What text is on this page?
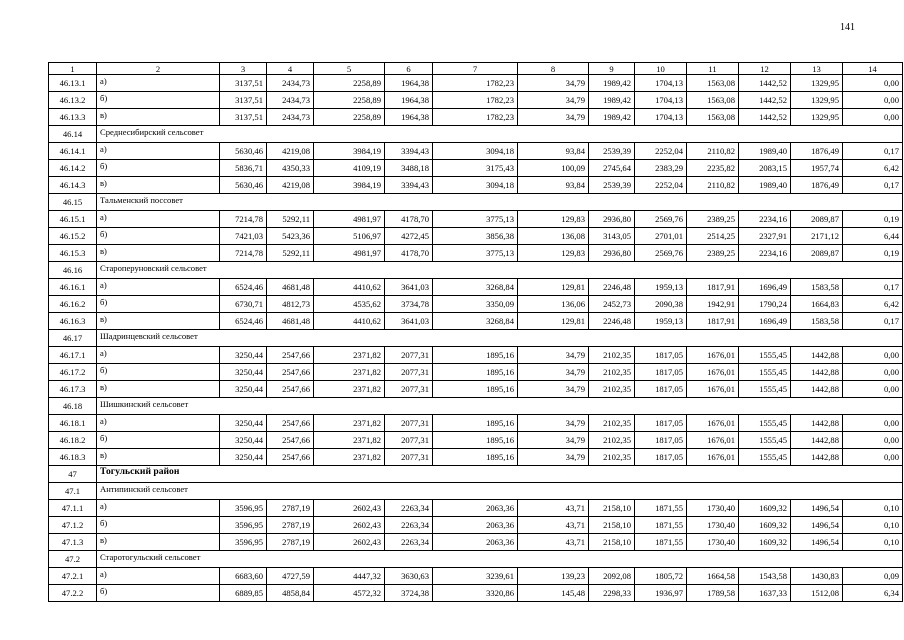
141
1	2	3	4	5	6	7	8	9	10	11	12	13	14
46.13.1	а)	3137,51	2434,73	2258,89	1964,38	1782,23	34,79	1989,42	1704,13	1563,08	1442,52	1329,95	0,00
46.13.2	б)	3137,51	2434,73	2258,89	1964,38	1782,23	34,79	1989,42	1704,13	1563,08	1442,52	1329,95	0,00
46.13.3	в)	3137,51	2434,73	2258,89	1964,38	1782,23	34,79	1989,42	1704,13	1563,08	1442,52	1329,95	0,00
46.14	Среднесибирский сельсовет												
46.14.1	а)	5630,46	4219,08	3984,19	3394,43	3094,18	93,84	2539,39	2252,04	2110,82	1989,40	1876,49	0,17
46.14.2	б)	5836,71	4350,33	4109,19	3488,18	3175,43	100,09	2745,64	2383,29	2235,82	2083,15	1957,74	6,42
46.14.3	в)	5630,46	4219,08	3984,19	3394,43	3094,18	93,84	2539,39	2252,04	2110,82	1989,40	1876,49	0,17
46.15	Тальменский поссовет												
46.15.1	а)	7214,78	5292,11	4981,97	4178,70	3775,13	129,83	2936,80	2569,76	2389,25	2234,16	2089,87	0,19
46.15.2	б)	7421,03	5423,36	5106,97	4272,45	3856,38	136,08	3143,05	2701,01	2514,25	2327,91	2171,12	6,44
46.15.3	в)	7214,78	5292,11	4981,97	4178,70	3775,13	129,83	2936,80	2569,76	2389,25	2234,16	2089,87	0,19
46.16	Староперуновский сельсовет												
46.16.1	а)	6524,46	4681,48	4410,62	3641,03	3268,84	129,81	2246,48	1959,13	1817,91	1696,49	1583,58	0,17
46.16.2	б)	6730,71	4812,73	4535,62	3734,78	3350,09	136,06	2452,73	2090,38	1942,91	1790,24	1664,83	6,42
46.16.3	в)	6524,46	4681,48	4410,62	3641,03	3268,84	129,81	2246,48	1959,13	1817,91	1696,49	1583,58	0,17
46.17	Шадринцевский сельсовет												
46.17.1	а)	3250,44	2547,66	2371,82	2077,31	1895,16	34,79	2102,35	1817,05	1676,01	1555,45	1442,88	0,00
46.17.2	б)	3250,44	2547,66	2371,82	2077,31	1895,16	34,79	2102,35	1817,05	1676,01	1555,45	1442,88	0,00
46.17.3	в)	3250,44	2547,66	2371,82	2077,31	1895,16	34,79	2102,35	1817,05	1676,01	1555,45	1442,88	0,00
46.18	Шишкинский сельсовет												
46.18.1	а)	3250,44	2547,66	2371,82	2077,31	1895,16	34,79	2102,35	1817,05	1676,01	1555,45	1442,88	0,00
46.18.2	б)	3250,44	2547,66	2371,82	2077,31	1895,16	34,79	2102,35	1817,05	1676,01	1555,45	1442,88	0,00
46.18.3	в)	3250,44	2547,66	2371,82	2077,31	1895,16	34,79	2102,35	1817,05	1676,01	1555,45	1442,88	0,00
47	Тогульский район												
47.1	Антипинский сельсовет												
47.1.1	а)	3596,95	2787,19	2602,43	2263,34	2063,36	43,71	2158,10	1871,55	1730,40	1609,32	1496,54	0,10
47.1.2	б)	3596,95	2787,19	2602,43	2263,34	2063,36	43,71	2158,10	1871,55	1730,40	1609,32	1496,54	0,10
47.1.3	в)	3596,95	2787,19	2602,43	2263,34	2063,36	43,71	2158,10	1871,55	1730,40	1609,32	1496,54	0,10
47.2	Старотогульский сельсовет												
47.2.1	а)	6683,60	4727,59	4447,32	3630,63	3239,61	139,23	2092,08	1805,72	1664,58	1543,58	1430,83	0,09
47.2.2	б)	6889,85	4858,84	4572,32	3724,38	3320,86	145,48	2298,33	1936,97	1789,58	1637,33	1512,08	6,34
